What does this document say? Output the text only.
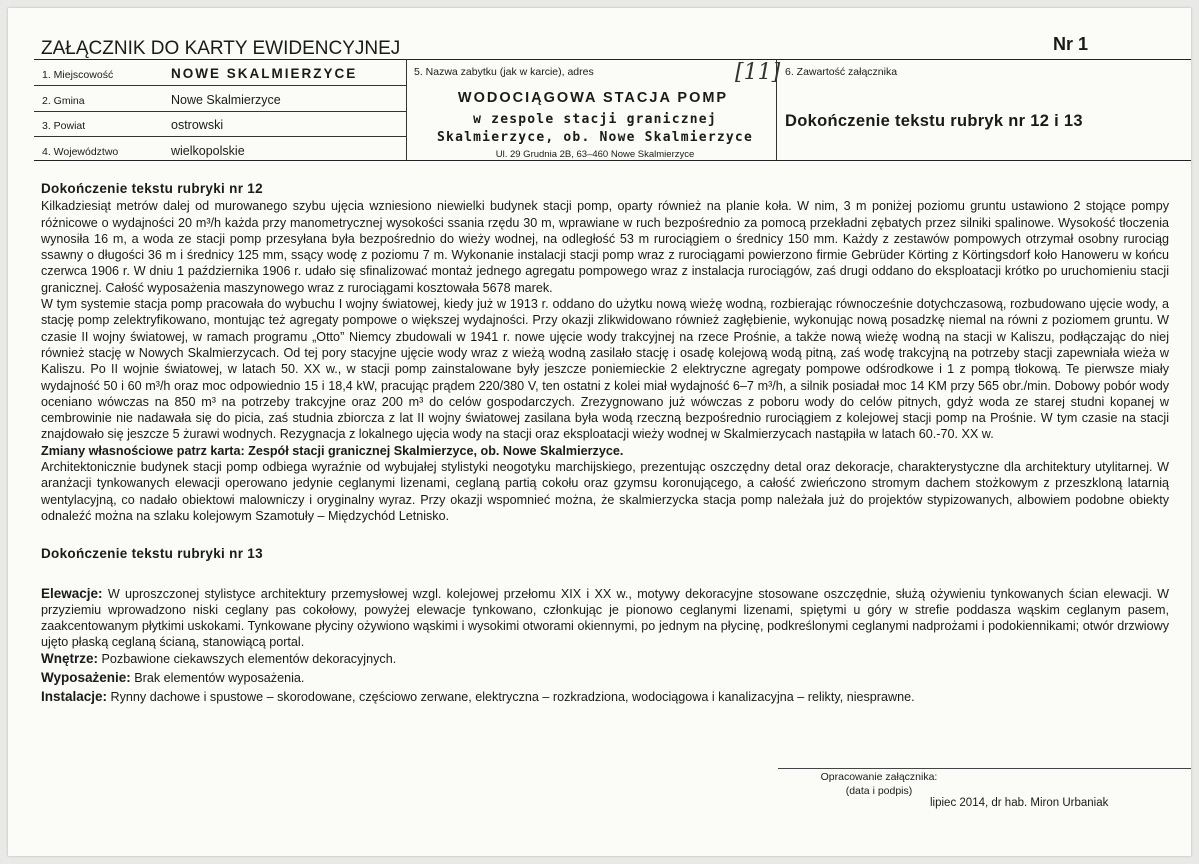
ZAŁĄCZNIK DO KARTY EWIDENCYJNEJ	Nr 1
1. Miejscowość	NOWE SKALMIERZYCE
2. Gmina	Nowe Skalmierzyce
3. Powiat	ostrowski
4. Województwo	wielkopolskie
5. Nazwa zabytku (jak w karcie), adres	[11]
WODOCIĄGOWA STACJA POMP
w zespole stacji granicznej
Skalmierzyce, ob. Nowe Skalmierzyce
Ul. 29 Grudnia 2B, 63–460 Nowe Skalmierzyce
6. Zawartość załącznika
Dokończenie tekstu rubryk nr 12 i 13
Dokończenie tekstu rubryki nr 12

Kilkadziesiąt metrów dalej od murowanego szybu ujęcia wzniesiono niewielki budynek stacji pomp, oparty również na planie koła. W nim, 3 m poniżej poziomu gruntu ustawiono 2 stojące pompy różnicowe o wydajności 20 m³/h każda przy manometrycznej wysokości ssania rzędu 30 m, wprawiane w ruch bezpośrednio za pomocą przekładni zębatych przez silniki spalinowe. Wysokość tłoczenia wynosiła 16 m, a woda ze stacji pomp przesyłana była bezpośrednio do wieży wodnej, na odległość 53 m rurociągiem o średnicy 150 mm. Każdy z zestawów pompowych otrzymał osobny rurociąg ssawny o długości 36 m i średnicy 125 mm, ssący wodę z poziomu 7 m. Wykonanie instalacji stacji pomp wraz z rurociągami powierzono firmie Gebrüder Körting z Körtingsdorf koło Hanoweru w końcu czerwca 1906 r. W dniu 1 października 1906 r. udało się sfinalizować montaż jednego agregatu pompowego wraz z instalacja rurociągów, zaś drugi oddano do eksploatacji krótko po uruchomieniu stacji granicznej. Całość wyposażenia maszynowego wraz z rurociągami kosztowała 5678 marek.

W tym systemie stacja pomp pracowała do wybuchu I wojny światowej, kiedy już w 1913 r. oddano do użytku nową wieżę wodną, rozbierając równocześnie dotychczasową, rozbudowano ujęcie wody, a stację pomp zelektryfikowano, montując też agregaty pompowe o większej wydajności. Przy okazji zlikwidowano również zagłębienie, wykonując nową posadzkę niemal na równi z poziomem gruntu. W czasie II wojny światowej, w ramach programu „Otto” Niemcy zbudowali w 1941 r. nowe ujęcie wody trakcyjnej na rzece Prośnie, a także nową wieżę wodną na stacji w Kaliszu, podłączając do niej również stację w Nowych Skalmierzycach. Od tej pory stacyjne ujęcie wody wraz z wieżą wodną zasilało stację i osadę kolejową wodą pitną, zaś wodę trakcyjną na potrzeby stacji zapewniała wieża w Kaliszu. Po II wojnie światowej, w latach 50. XX w., w stacji pomp zainstalowane były jeszcze poniemieckie 2 elektryczne agregaty pompowe odśrodkowe i 1 z pompą tłokową. Te pierwsze miały wydajność 50 i 60 m³/h oraz moc odpowiednio 15 i 18,4 kW, pracując prądem 220/380 V, ten ostatni z kolei miał wydajność 6–7 m³/h, a silnik posiadał moc 14 KM przy 565 obr./min. Dobowy pobór wody oceniano wówczas na 850 m³ na potrzeby trakcyjne oraz 200 m³ do celów gospodarczych. Zrezygnowano już wówczas z poboru wody do celów pitnych, gdyż woda ze starej studni kopanej w cembrowinie nie nadawała się do picia, zaś studnia zbiorcza z lat II wojny światowej zasilana była wodą rzeczną bezpośrednio rurociągiem z kolejowej stacji pomp na Prośnie. W tym czasie na stacji znajdowało się jeszcze 5 żurawi wodnych. Rezygnacja z lokalnego ujęcia wody na stacji oraz eksploatacji wieży wodnej w Skalmierzycach nastąpiła w latach 60.-70. XX w.

Zmiany własnościowe patrz karta: Zespół stacji granicznej Skalmierzyce, ob. Nowe Skalmierzyce.

Architektonicznie budynek stacji pomp odbiega wyraźnie od wybujałej stylistyki neogotyku marchijskiego, prezentując oszczędny detal oraz dekoracje, charakterystyczne dla architektury utylitarnej. W aranżacji tynkowanych elewacji operowano jedynie ceglanymi lizenami, ceglaną partią cokołu oraz gzymsu koronującego, a całość zwieńczono stromym dachem stożkowym z przeszkloną latarnią wentylacyjną, co nadało obiektowi malowniczy i oryginalny wyraz. Przy okazji wspomnieć można, że skalmierzycka stacja pomp należała już do projektów stypizowanych, albowiem podobne obiekty odnaleźć można na szlaku kolejowym Szamotuły – Międzychód Letnisko.

Dokończenie tekstu rubryki nr 13

Elewacje: W uproszczonej stylistyce architektury przemysłowej wzgl. kolejowej przełomu XIX i XX w., motywy dekoracyjne stosowane oszczędnie, służą ożywieniu tynkowanych ścian elewacji. W przyziemiu wprowadzono niski ceglany pas cokołowy, powyżej elewacje tynkowano, członkując je pionowo ceglanymi lizenami, spiętymi u góry w strefie poddasza wąskim ceglanym pasem, zaakcentowanym płytkimi uskokami. Tynkowane płyciny ożywiono wąskimi i wysokimi otworami okiennymi, po jednym na płycinę, podkreślonymi ceglanymi nadprożami i podokiennikami; otwór drzwiowy ujęto płaską ceglaną ścianą, stanowiącą portal.

Wnętrze: Pozbawione ciekawszych elementów dekoracyjnych.

Wyposażenie: Brak elementów wyposażenia.

Instalacje: Rynny dachowe i spustowe – skorodowane, częściowo zerwane, elektryczna – rozkradziona, wodociągowa i kanalizacyjna – relikty, niesprawne.

Opracowanie załącznika:
(data i podpis)
lipiec 2014, dr hab. Miron Urbaniak
